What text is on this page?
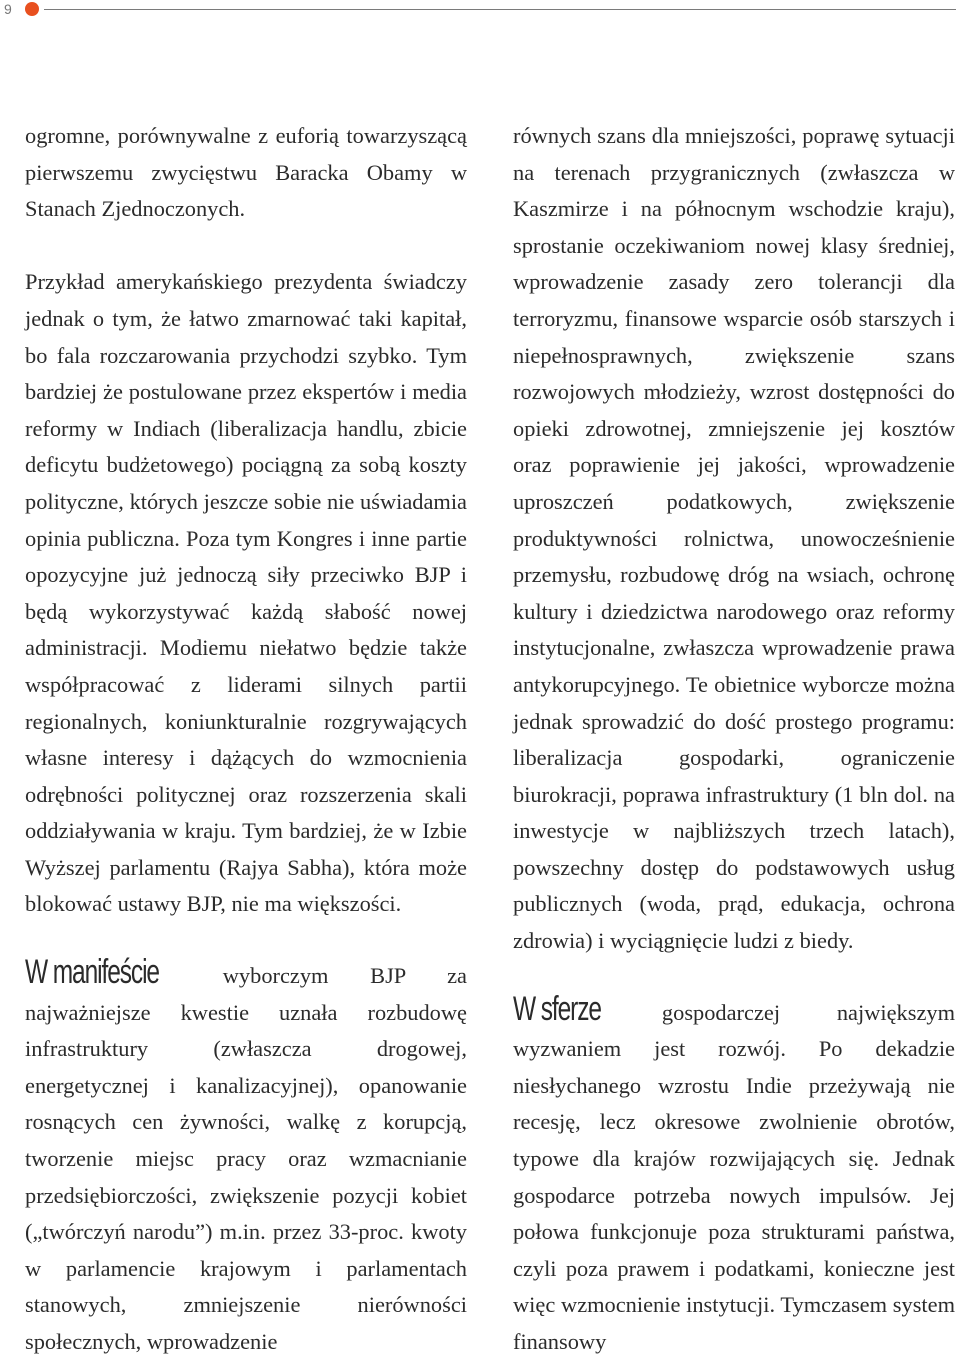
9

ogromne, porównywalne z euforią towarzyszącą pierwszemu zwycięstwu Baracka Obamy w Stanach Zjednoczonych.

Przykład amerykańskiego prezydenta świadczy jednak o tym, że łatwo zmarnować taki kapitał, bo fala rozczarowania przychodzi szybko. Tym bardziej że postulowane przez ekspertów i media reformy w Indiach (liberalizacja handlu, zbicie deficytu budżetowego) pociągną za sobą koszty polityczne, których jeszcze sobie nie uświadamia opinia publiczna. Poza tym Kongres i inne partie opozycyjne już jednoczą siły przeciwko BJP i będą wykorzystywać każdą słabość nowej administracji. Modiemu niełatwo będzie także współpracować z liderami silnych partii regionalnych, koniunkturalnie rozgrywających własne interesy i dążących do wzmocnienia odrębności politycznej oraz rozszerzenia skali oddziaływania w kraju. Tym bardziej, że w Izbie Wyższej parlamentu (Rajya Sabha), która może blokować ustawy BJP, nie ma większości.

W manifeście wyborczym BJP za najważniejsze kwestie uznała rozbudowę infrastruktury (zwłaszcza drogowej, energetycznej i kanalizacyjnej), opanowanie rosnących cen żywności, walkę z korupcją, tworzenie miejsc pracy oraz wzmacnianie przedsiębiorczości, zwiększenie pozycji kobiet („twórczyń narodu”) m.in. przez 33-proc. kwoty w parlamencie krajowym i parlamentach stanowych, zmniejszenie nierówności społecznych, wprowadzenie

równych szans dla mniejszości, poprawę sytuacji na terenach przygranicznych (zwłaszcza w Kaszmirze i na północnym wschodzie kraju), sprostanie oczekiwaniom nowej klasy średniej, wprowadzenie zasady zero tolerancji dla terroryzmu, finansowe wsparcie osób starszych i niepełnosprawnych, zwiększenie szans rozwojowych młodzieży, wzrost dostępności do opieki zdrowotnej, zmniejszenie jej kosztów oraz poprawienie jej jakości, wprowadzenie uproszczeń podatkowych, zwiększenie produktywności rolnictwa, unowocześnienie przemysłu, rozbudowę dróg na wsiach, ochronę kultury i dziedzictwa narodowego oraz reformy instytucjonalne, zwłaszcza wprowadzenie prawa antykorupcyjnego. Te obietnice wyborcze można jednak sprowadzić do dość prostego programu: liberalizacja gospodarki, ograniczenie biurokracji, poprawa infrastruktury (1 bln dol. na inwestycje w najbliższych trzech latach), powszechny dostęp do podstawowych usług publicznych (woda, prąd, edukacja, ochrona zdrowia) i wyciągnięcie ludzi z biedy.

W sferze gospodarczej największym wyzwaniem jest rozwój. Po dekadzie niesłychanego wzrostu Indie przeżywają nie recesję, lecz okresowe zwolnienie obrotów, typowe dla krajów rozwijających się. Jednak gospodarce potrzeba nowych impulsów. Jej połowa funkcjonuje poza strukturami państwa, czyli poza prawem i podatkami, konieczne jest więc wzmocnienie instytucji. Tymczasem system finansowy
